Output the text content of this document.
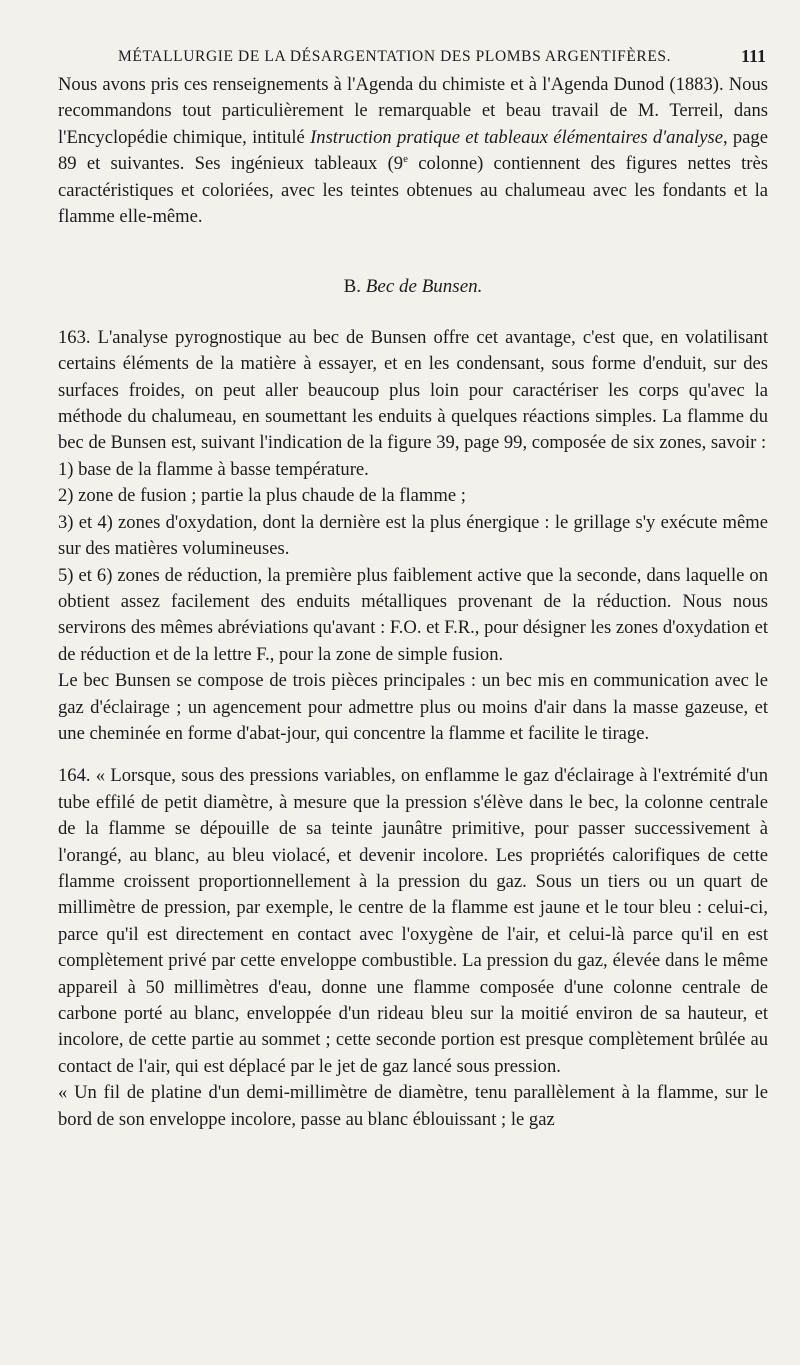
MÉTALLURGIE DE LA DÉSARGENTATION DES PLOMBS ARGENTIFÈRES.	111

Nous avons pris ces renseignements à l'Agenda du chimiste et à l'Agenda Dunod (1883). Nous recommandons tout particulièrement le remarquable et beau travail de M. Terreil, dans l'Encyclopédie chimique, intitulé Instruction pratique et tableaux élémentaires d'analyse, page 89 et suivantes. Ses ingénieux tableaux (9e colonne) contiennent des figures nettes très caractéristiques et coloriées, avec les teintes obtenues au chalumeau avec les fondants et la flamme elle-même.

B. Bec de Bunsen.

163. L'analyse pyrognostique au bec de Bunsen offre cet avantage, c'est que, en volatilisant certains éléments de la matière à essayer, et en les condensant, sous forme d'enduit, sur des surfaces froides, on peut aller beaucoup plus loin pour caractériser les corps qu'avec la méthode du chalumeau, en soumettant les enduits à quelques réactions simples. La flamme du bec de Bunsen est, suivant l'indication de la figure 39, page 99, composée de six zones, savoir :

1) base de la flamme à basse température.

2) zone de fusion ; partie la plus chaude de la flamme ;

3) et 4) zones d'oxydation, dont la dernière est la plus énergique : le grillage s'y exécute même sur des matières volumineuses.

5) et 6) zones de réduction, la première plus faiblement active que la seconde, dans laquelle on obtient assez facilement des enduits métalliques provenant de la réduction. Nous nous servirons des mêmes abréviations qu'avant : F.O. et F.R., pour désigner les zones d'oxydation et de réduction et de la lettre F., pour la zone de simple fusion.

Le bec Bunsen se compose de trois pièces principales : un bec mis en communication avec le gaz d'éclairage ; un agencement pour admettre plus ou moins d'air dans la masse gazeuse, et une cheminée en forme d'abat-jour, qui concentre la flamme et facilite le tirage.

164. « Lorsque, sous des pressions variables, on enflamme le gaz d'éclairage à l'extrémité d'un tube effilé de petit diamètre, à mesure que la pression s'élève dans le bec, la colonne centrale de la flamme se dépouille de sa teinte jaunâtre primitive, pour passer successivement à l'orangé, au blanc, au bleu violacé, et devenir incolore. Les propriétés calorifiques de cette flamme croissent proportionnellement à la pression du gaz. Sous un tiers ou un quart de millimètre de pression, par exemple, le centre de la flamme est jaune et le tour bleu : celui-ci, parce qu'il est directement en contact avec l'oxygène de l'air, et celui-là parce qu'il en est complètement privé par cette enveloppe combustible. La pression du gaz, élevée dans le même appareil à 50 millimètres d'eau, donne une flamme composée d'une colonne centrale de carbone porté au blanc, enveloppée d'un rideau bleu sur la moitié environ de sa hauteur, et incolore, de cette partie au sommet ; cette seconde portion est presque complètement brûlée au contact de l'air, qui est déplacé par le jet de gaz lancé sous pression.

« Un fil de platine d'un demi-millimètre de diamètre, tenu parallèlement à la flamme, sur le bord de son enveloppe incolore, passe au blanc éblouissant ; le gaz
